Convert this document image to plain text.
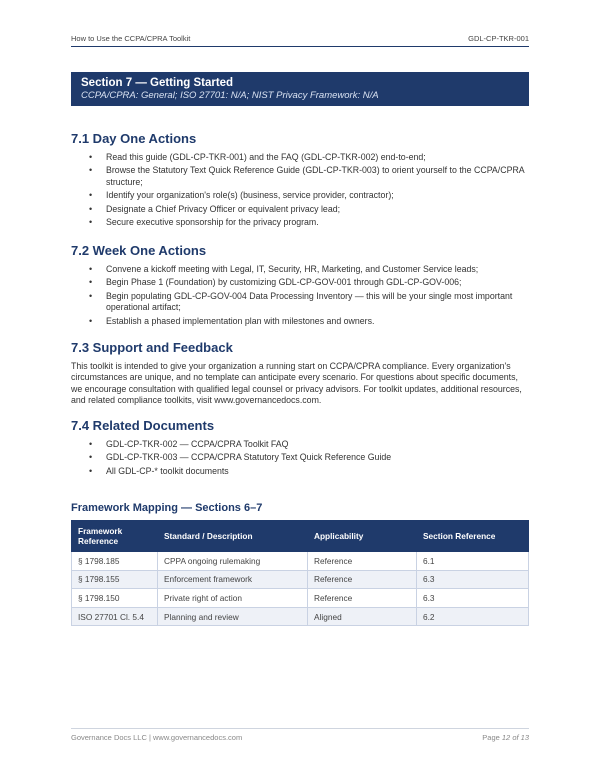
How to Use the CCPA/CPRA Toolkit	GDL-CP-TKR-001
Section 7 — Getting Started
CCPA/CPRA: General; ISO 27701: N/A; NIST Privacy Framework: N/A
7.1 Day One Actions
• Read this guide (GDL-CP-TKR-001) and the FAQ (GDL-CP-TKR-002) end-to-end;
• Browse the Statutory Text Quick Reference Guide (GDL-CP-TKR-003) to orient yourself to the CCPA/CPRA structure;
• Identify your organization's role(s) (business, service provider, contractor);
• Designate a Chief Privacy Officer or equivalent privacy lead;
• Secure executive sponsorship for the privacy program.
7.2 Week One Actions
• Convene a kickoff meeting with Legal, IT, Security, HR, Marketing, and Customer Service leads;
• Begin Phase 1 (Foundation) by customizing GDL-CP-GOV-001 through GDL-CP-GOV-006;
• Begin populating GDL-CP-GOV-004 Data Processing Inventory — this will be your single most important operational artifact;
• Establish a phased implementation plan with milestones and owners.
7.3 Support and Feedback

This toolkit is intended to give your organization a running start on CCPA/CPRA compliance. Every organization's circumstances are unique, and no template can anticipate every scenario. For questions about specific documents, we encourage consultation with qualified legal counsel or privacy advisors. For toolkit updates, additional resources, and related compliance toolkits, visit www.governancedocs.com.

7.4 Related Documents
• GDL-CP-TKR-002 — CCPA/CPRA Toolkit FAQ
• GDL-CP-TKR-003 — CCPA/CPRA Statutory Text Quick Reference Guide
• All GDL-CP-* toolkit documents
Framework Mapping — Sections 6–7
Framework Reference	Standard / Description	Applicability	Section Reference
§ 1798.185	CPPA ongoing rulemaking	Reference	6.1
§ 1798.155	Enforcement framework	Reference	6.3
§ 1798.150	Private right of action	Reference	6.3
ISO 27701 Cl. 5.4	Planning and review	Aligned	6.2
Governance Docs LLC | www.governancedocs.com	Page 12 of 13
